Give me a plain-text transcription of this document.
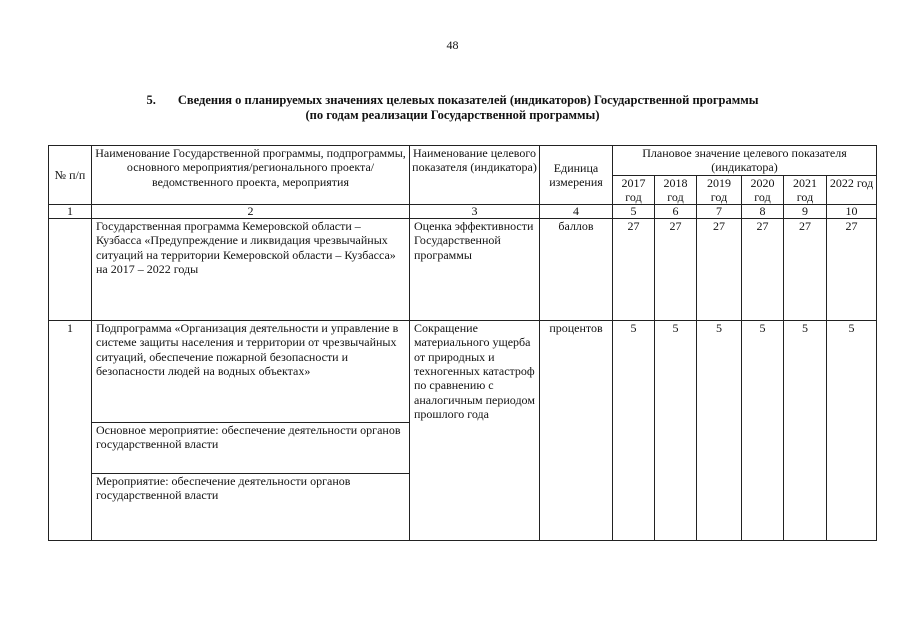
48
5. Сведения о планируемых значениях целевых показателей (индикаторов) Государственной программы
(по годам реализации Государственной программы)
№ п/п	Наименование Государственной программы, подпрограммы, основного мероприятия/регионального проекта/ведомственного проекта, мероприятия	Наименование целевого показателя (индикатора)	Единица измерения	Плановое значение целевого показателя (индикатора)					
				2017 год	2018 год	2019 год	2020 год	2021 год	2022 год
1	2	3	4	5	6	7	8	9	10
	Государственная программа Кемеровской области – Кузбасса «Предупреждение и ликвидация чрезвычайных ситуаций на территории Кемеровской области – Кузбасса» на 2017 – 2022 годы	Оценка эффективности Государственной программы	баллов	27	27	27	27	27	27
1	Подпрограмма «Организация деятельности и управление в системе защиты населения и территории от чрезвычайных ситуаций, обеспечение пожарной безопасности и безопасности людей на водных объектах»	Сокращение материального ущерба от природных и техногенных катастроф по сравнению с аналогичным периодом прошлого года	процентов	5	5	5	5	5	5
	Основное мероприятие: обеспечение деятельности органов государственной власти								
	Мероприятие: обеспечение деятельности органов государственной власти								
